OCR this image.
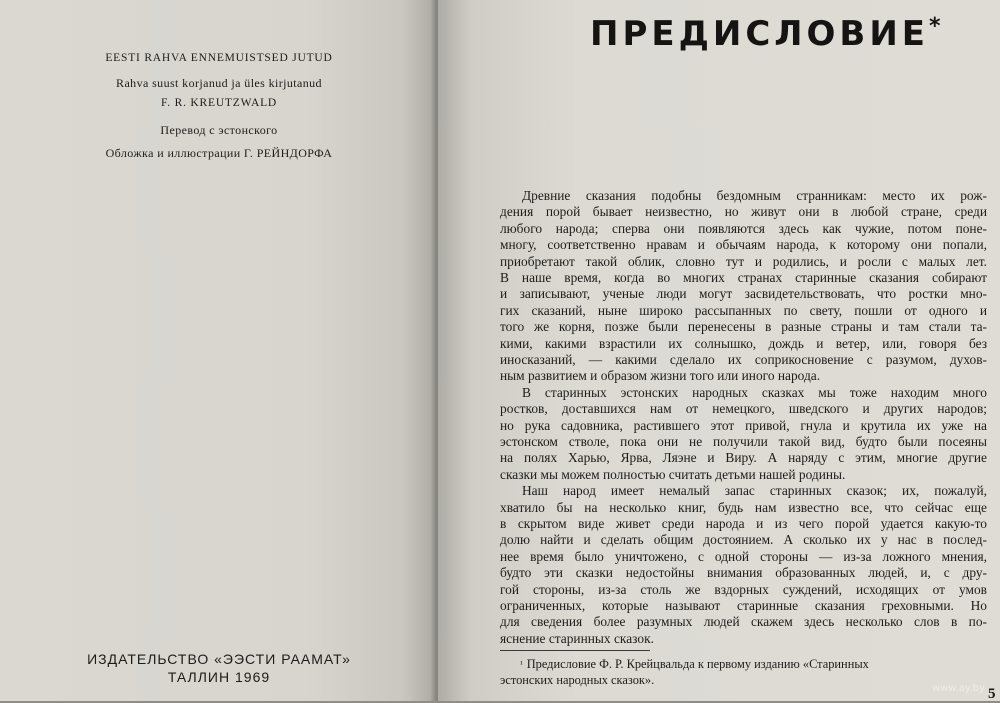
EESTI RAHVA ENNEMUISTSED JUTUD
Rahva suust korjanud ja üles kirjutanud
F. R. KREUTZWALD
Перевод с эстонского
Обложка и иллюстрации Г. РЕЙНДОРФА
ИЗДАТЕЛЬСТВО «ЭЭСТИ РААМАТ»
ТАЛЛИН 1969
ПРЕДИСЛОВИЕ*
Древние сказания подобны бездомным странникам: место их рож-
дения порой бывает неизвестно, но живут они в любой стране, среди
любого народа; сперва они появляются здесь как чужие, потом поне-
многу, соответственно нравам и обычаям народа, к которому они попали,
приобретают такой облик, словно тут и родились, и росли с малых лет.
В наше время, когда во многих странах старинные сказания собирают
и записывают, ученые люди могут засвидетельствовать, что ростки мно-
гих сказаний, ныне широко рассыпанных по свету, пошли от одного и
того же корня, позже были перенесены в разные страны и там стали та-
кими, какими взрастили их солнышко, дождь и ветер, или, говоря без
иносказаний, — какими сделало их соприкосновение с разумом, духов-
ным развитием и образом жизни того или иного народа.
В старинных эстонских народных сказках мы тоже находим много
ростков, доставшихся нам от немецкого, шведского и других народов;
но рука садовника, растившего этот привой, гнула и крутила их уже на
эстонском стволе, пока они не получили такой вид, будто были посеяны
на полях Харью, Ярва, Ляэне и Виру. А наряду с этим, многие другие
сказки мы можем полностью считать детьми нашей родины.
Наш народ имеет немалый запас старинных сказок; их, пожалуй,
хватило бы на несколько книг, будь нам известно все, что сейчас еще
в скрытом виде живет среди народа и из чего порой удается какую-то
долю найти и сделать общим достоянием. А сколько их у нас в послед-
нее время было уничтожено, с одной стороны — из-за ложного мнения,
будто эти сказки недостойны внимания образованных людей, и, с дру-
гой стороны, из-за столь же вздорных суждений, исходящих от умов
ограниченных, которые называют старинные сказания греховными. Но
для сведения более разумных людей скажем здесь несколько слов в по-
яснение старинных сказок.
5
www.ay.by
$^{^1}$ Предисловие Ф. Р. Крейцвальда к первому изданию «Старинных
эстонских народных сказок».
